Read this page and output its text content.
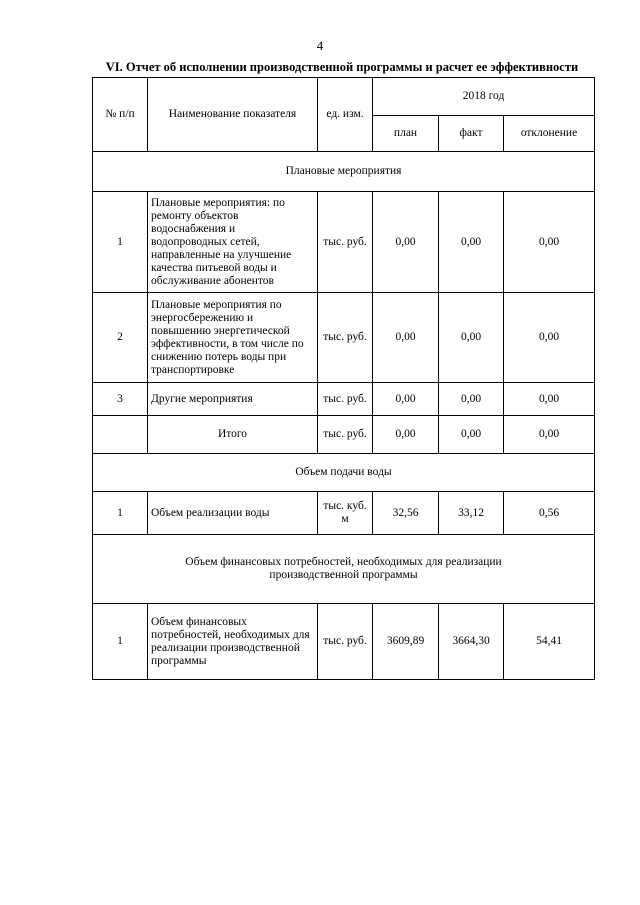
4
VI. Отчет об исполнении производственной программы и расчет ее эффективности
№ п/п	Наименование показателя	ед. изм.	2018 год		
			план	факт	отклонение
Плановые мероприятия					
1	Плановые мероприятия: по ремонту объектов водоснабжения и водопроводных сетей, направленные на улучшение качества питьевой воды и обслуживание абонентов	тыс. руб.	0,00	0,00	0,00
2	Плановые мероприятия по энергосбережению и повышению энергетической эффективности, в том числе по снижению потерь воды при транспортировке	тыс. руб.	0,00	0,00	0,00
3	Другие мероприятия	тыс. руб.	0,00	0,00	0,00
	Итого	тыс. руб.	0,00	0,00	0,00
Объем подачи воды					
1	Объем реализации воды	тыс. куб. м	32,56	33,12	0,56
Объем финансовых потребностей, необходимых для реализации производственной программы					
1	Объем финансовых потребностей, необходимых для реализации производственной программы	тыс. руб.	3609,89	3664,30	54,41
